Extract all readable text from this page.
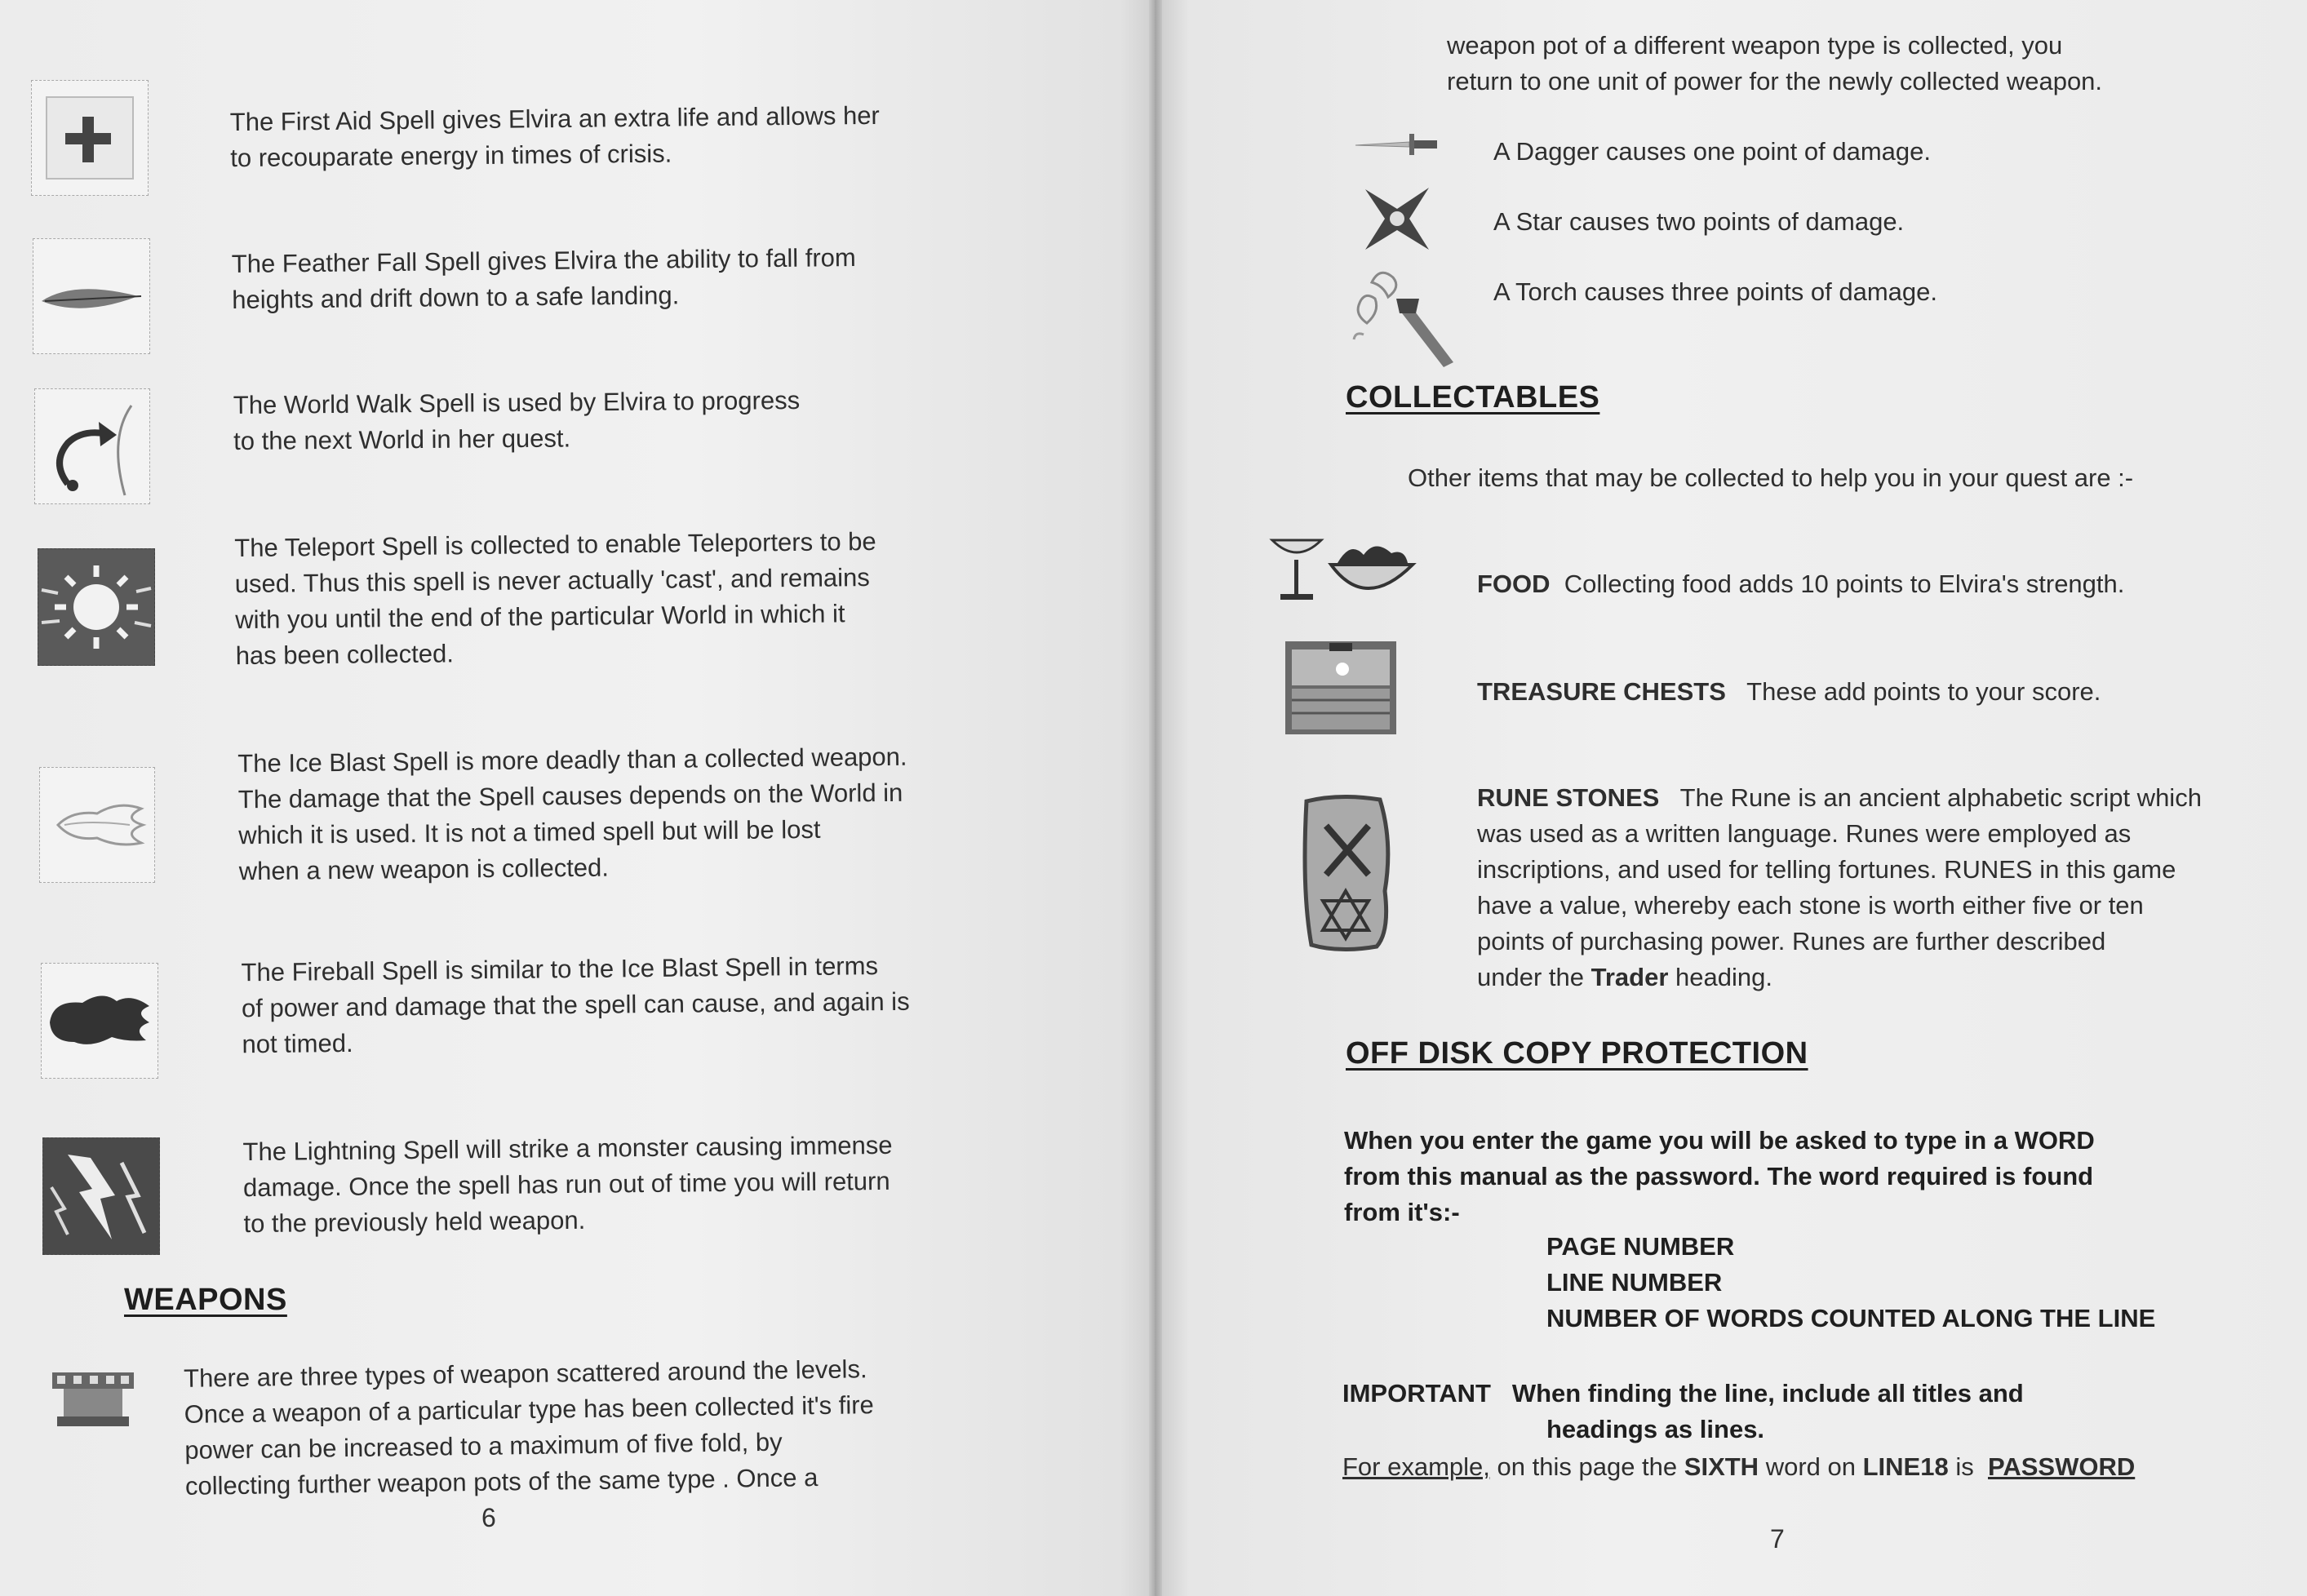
The First Aid Spell gives Elvira an extra life and allows her

to recouparate energy in times of crisis.

The Feather Fall Spell gives Elvira the ability to fall from

heights and drift down to a safe landing.

The World Walk Spell is used by Elvira to progress

to the next World in her quest.

The Teleport Spell is collected to enable Teleporters to be

used. Thus this spell is never actually 'cast', and remains

with you until the end of the particular World in which it

has been collected.

The Ice Blast Spell is more deadly than a collected weapon.

The damage that the Spell causes depends on the World in

which it is used. It is not a timed spell but will be lost

when a new weapon is collected.

The Fireball Spell is similar to the Ice Blast Spell in terms

of power and damage that the spell can cause, and again is

not timed.

The Lightning Spell will strike a monster causing immense

damage. Once the spell has run out of time you will return

to the previously held weapon.

WEAPONS

There are three types of weapon scattered around the levels.

Once a weapon of a particular type has been collected it's fire

power can be increased to a maximum of five fold, by

collecting further weapon pots of the same type . Once a

6

weapon pot of a different weapon type is collected, you

return to one unit of power for the newly collected weapon.

A Dagger causes one point of damage.
A Star causes two points of damage.
A Torch causes three points of damage.
COLLECTABLES
Other items that may be collected to help you in your quest are :-
FOOD Collecting food adds 10 points to Elvira's strength.
TREASURE CHESTS These add points to your score.

RUNE STONES The Rune is an ancient alphabetic script which

was used as a written language. Runes were employed as

inscriptions, and used for telling fortunes. RUNES in this game

have a value, whereby each stone is worth either five or ten

points of purchasing power. Runes are further described

under the Trader heading.

OFF DISK COPY PROTECTION

When you enter the game you will be asked to type in a WORD

from this manual as the password. The word required is found

from it's:-

PAGE NUMBER

LINE NUMBER

NUMBER OF WORDS COUNTED ALONG THE LINE

IMPORTANT When finding the line, include all titles and

headings as lines.

For example, on this page the SIXTH word on LINE18 is PASSWORD
7
